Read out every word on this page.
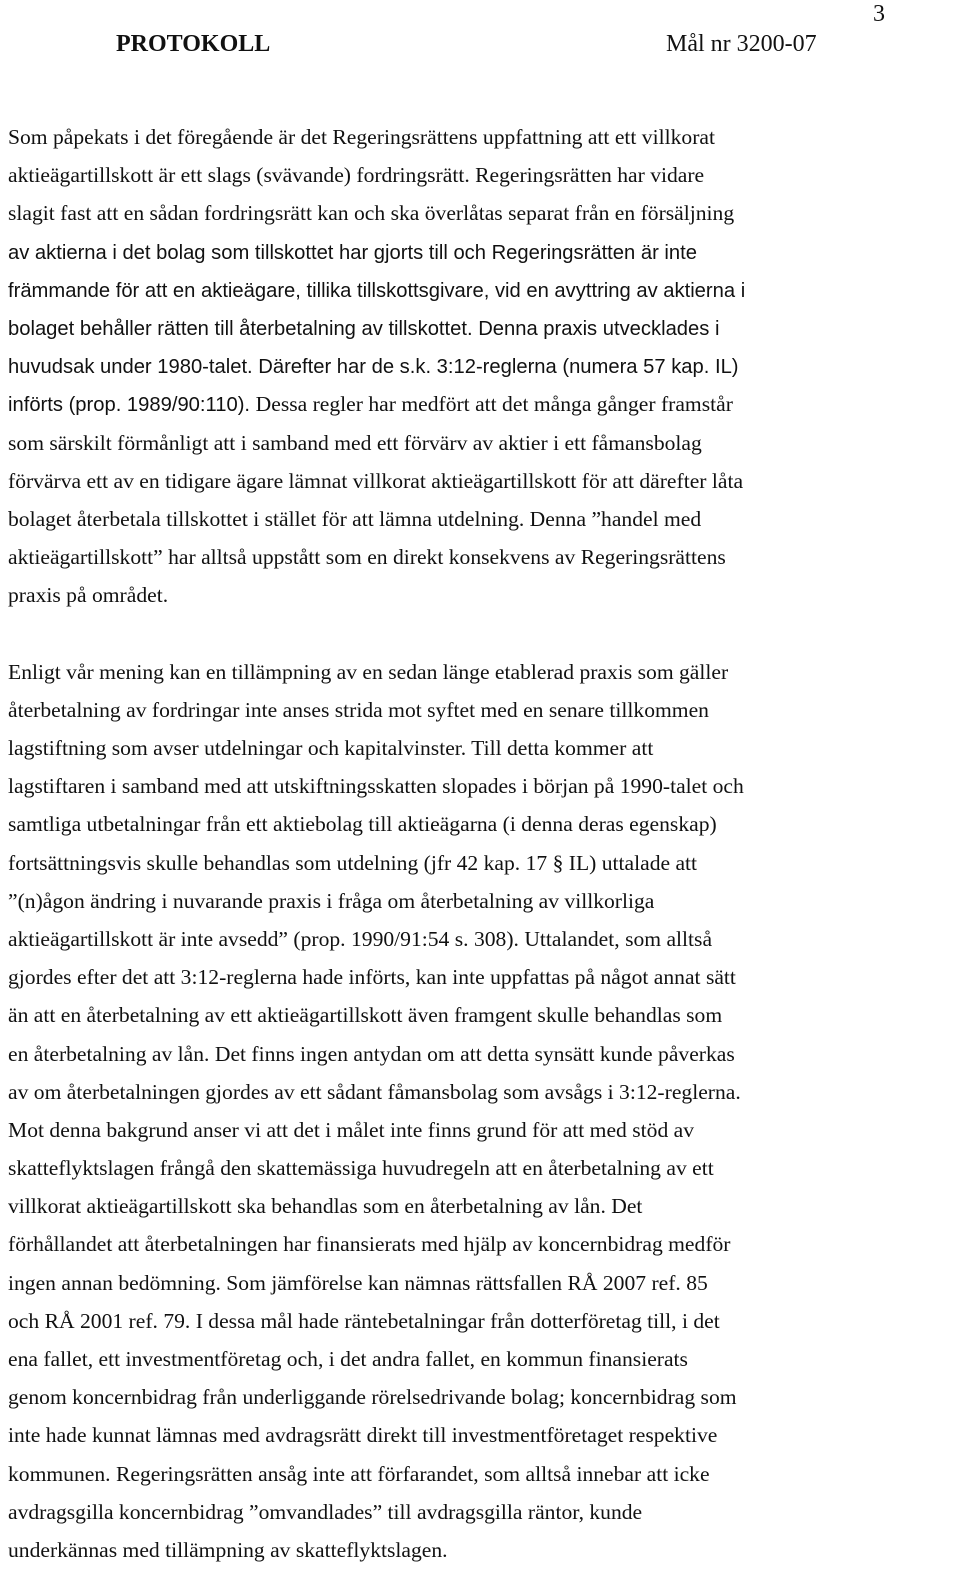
3
PROTOKOLL	Mål nr 3200-07

Som påpekats i det föregående är det Regeringsrättens uppfattning att ett villkorat
aktieägartillskott är ett slags (svävande) fordringsrätt. Regeringsrätten har vidare
slagit fast att en sådan fordringsrätt kan och ska överlåtas separat från en försäljning
av aktierna i det bolag som tillskottet har gjorts till och Regeringsrätten är inte
främmande för att en aktieägare, tillika tillskottsgivare, vid en avyttring av aktierna i
bolaget behåller rätten till återbetalning av tillskottet. Denna praxis utvecklades i
huvudsak under 1980-talet. Därefter har de s.k. 3:12-reglerna (numera 57 kap. IL)
införts (prop. 1989/90:110). Dessa regler har medfört att det många gånger framstår
som särskilt förmånligt att i samband med ett förvärv av aktier i ett fåmansbolag
förvärva ett av en tidigare ägare lämnat villkorat aktieägartillskott för att därefter låta
bolaget återbetala tillskottet i stället för att lämna utdelning. Denna ”handel med
aktieägartillskott” har alltså uppstått som en direkt konsekvens av Regeringsrättens
praxis på området.

Enligt vår mening kan en tillämpning av en sedan länge etablerad praxis som gäller
återbetalning av fordringar inte anses strida mot syftet med en senare tillkommen
lagstiftning som avser utdelningar och kapitalvinster. Till detta kommer att
lagstiftaren i samband med att utskiftningsskatten slopades i början på 1990-talet och
samtliga utbetalningar från ett aktiebolag till aktieägarna (i denna deras egenskap)
fortsättningsvis skulle behandlas som utdelning (jfr 42 kap. 17 § IL) uttalade att
”(n)ågon ändring i nuvarande praxis i fråga om återbetalning av villkorliga
aktieägartillskott är inte avsedd” (prop. 1990/91:54 s. 308). Uttalandet, som alltså
gjordes efter det att 3:12-reglerna hade införts, kan inte uppfattas på något annat sätt
än att en återbetalning av ett aktieägartillskott även framgent skulle behandlas som
en återbetalning av lån. Det finns ingen antydan om att detta synsätt kunde påverkas
av om återbetalningen gjordes av ett sådant fåmansbolag som avsågs i 3:12-reglerna.
Mot denna bakgrund anser vi att det i målet inte finns grund för att med stöd av
skatteflyktslagen frångå den skattemässiga huvudregeln att en återbetalning av ett
villkorat aktieägartillskott ska behandlas som en återbetalning av lån. Det
förhållandet att återbetalningen har finansierats med hjälp av koncernbidrag medför
ingen annan bedömning. Som jämförelse kan nämnas rättsfallen RÅ 2007 ref. 85
och RÅ 2001 ref. 79. I dessa mål hade räntebetalningar från dotterföretag till, i det
ena fallet, ett investmentföretag och, i det andra fallet, en kommun finansierats
genom koncernbidrag från underliggande rörelsedrivande bolag; koncernbidrag som
inte hade kunnat lämnas med avdragsrätt direkt till investmentföretaget respektive
kommunen. Regeringsrätten ansåg inte att förfarandet, som alltså innebar att icke
avdragsgilla koncernbidrag ”omvandlades” till avdragsgilla räntor, kunde
underkännas med tillämpning av skatteflyktslagen.
